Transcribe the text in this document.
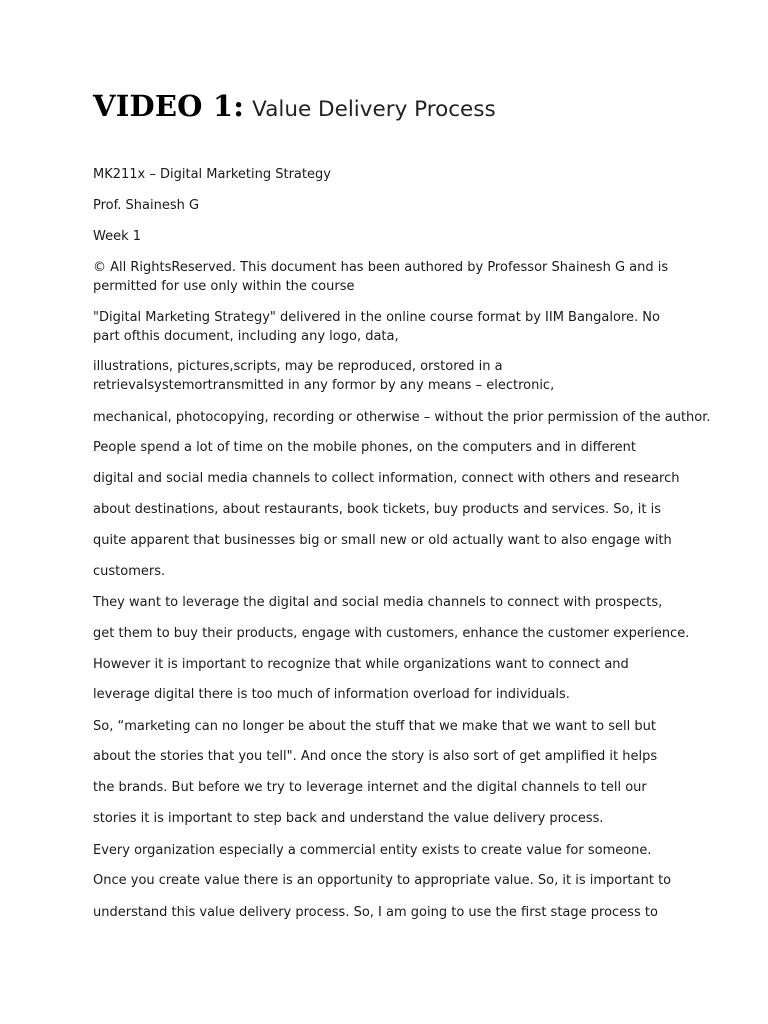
VIDEO 1: Value Delivery Process

MK211x – Digital Marketing Strategy

Prof. Shainesh G

Week 1

© All RightsReserved. This document has been authored by Professor Shainesh G and is permitted for use only within the course

"Digital Marketing Strategy" delivered in the online course format by IIM Bangalore. No part ofthis document, including any logo, data,

illustrations, pictures,scripts, may be reproduced, orstored in a retrievalsystemortransmitted in any formor by any means – electronic,

mechanical, photocopying, recording or otherwise – without the prior permission of the author.

People spend a lot of time on the mobile phones, on the computers and in different

digital and social media channels to collect information, connect with others and research

about destinations, about restaurants, book tickets, buy products and services. So, it is

quite apparent that businesses big or small new or old actually want to also engage with

customers.

They want to leverage the digital and social media channels to connect with prospects,

get them to buy their products, engage with customers, enhance the customer experience.

However it is important to recognize that while organizations want to connect and

leverage digital there is too much of information overload for individuals.

So, “marketing can no longer be about the stuff that we make that we want to sell but

about the stories that you tell". And once the story is also sort of get amplified it helps

the brands. But before we try to leverage internet and the digital channels to tell our

stories it is important to step back and understand the value delivery process.

Every organization especially a commercial entity exists to create value for someone.

Once you create value there is an opportunity to appropriate value. So, it is important to

understand this value delivery process. So, I am going to use the first stage process to
